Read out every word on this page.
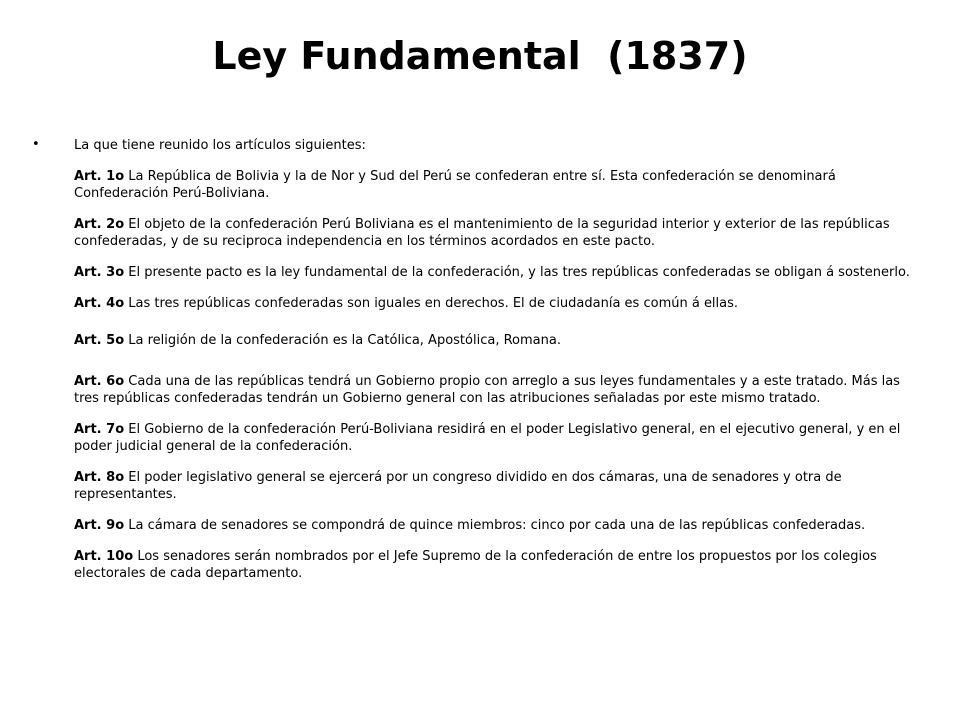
Ley Fundamental  (1837)
•	La que tiene reunido los artículos siguientes:

Art. 1o La República de Bolivia y la de Nor y Sud del Perú se confederan entre sí. Esta confederación se denominará Confederación Perú-Boliviana.

Art. 2o El objeto de la confederación Perú Boliviana es el mantenimiento de la seguridad interior y exterior de las repúblicas confederadas, y de su reciproca independencia en los términos acordados en este pacto.

Art. 3o El presente pacto es la ley fundamental de la confederación, y las tres repúblicas confederadas se obligan á sostenerlo.

Art. 4o Las tres repúblicas confederadas son iguales en derechos. El de ciudadanía es común á ellas.

Art. 5o La religión de la confederación es la Católica, Apostólica, Romana.

Art. 6o Cada una de las repúblicas tendrá un Gobierno propio con arreglo a sus leyes fundamentales y a este tratado. Más las tres repúblicas confederadas tendrán un Gobierno general con las atribuciones señaladas por este mismo tratado.

Art. 7o El Gobierno de la confederación Perú-Boliviana residirá en el poder Legislativo general, en el ejecutivo general, y en el poder judicial general de la confederación.

Art. 8o El poder legislativo general se ejercerá por un congreso dividido en dos cámaras, una de senadores y otra de representantes.

Art. 9o La cámara de senadores se compondrá de quince miembros: cinco por cada una de las repúblicas confederadas.

Art. 10o Los senadores serán nombrados por el Jefe Supremo de la confederación de entre los propuestos por los colegios electorales de cada departamento.
